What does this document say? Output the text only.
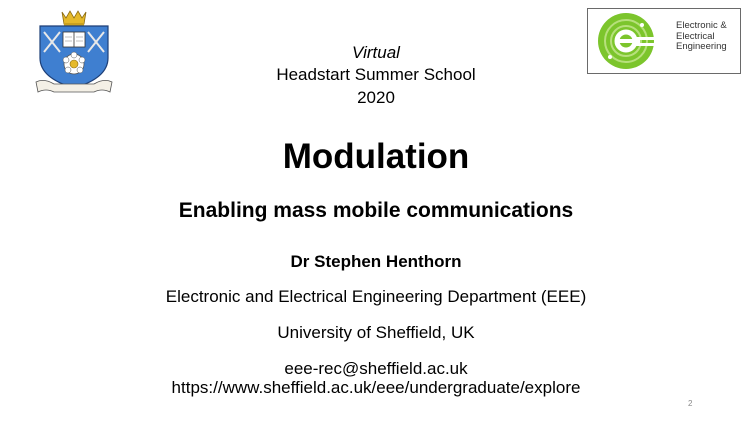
Electronic &
Electrical
Engineering
Virtual
Headstart Summer School
2020
Modulation
Enabling mass mobile communications
Dr Stephen Henthorn
Electronic and Electrical Engineering Department (EEE)
University of Sheffield, UK
eee-rec@sheffield.ac.uk
https://www.sheffield.ac.uk/eee/undergraduate/explore
2
